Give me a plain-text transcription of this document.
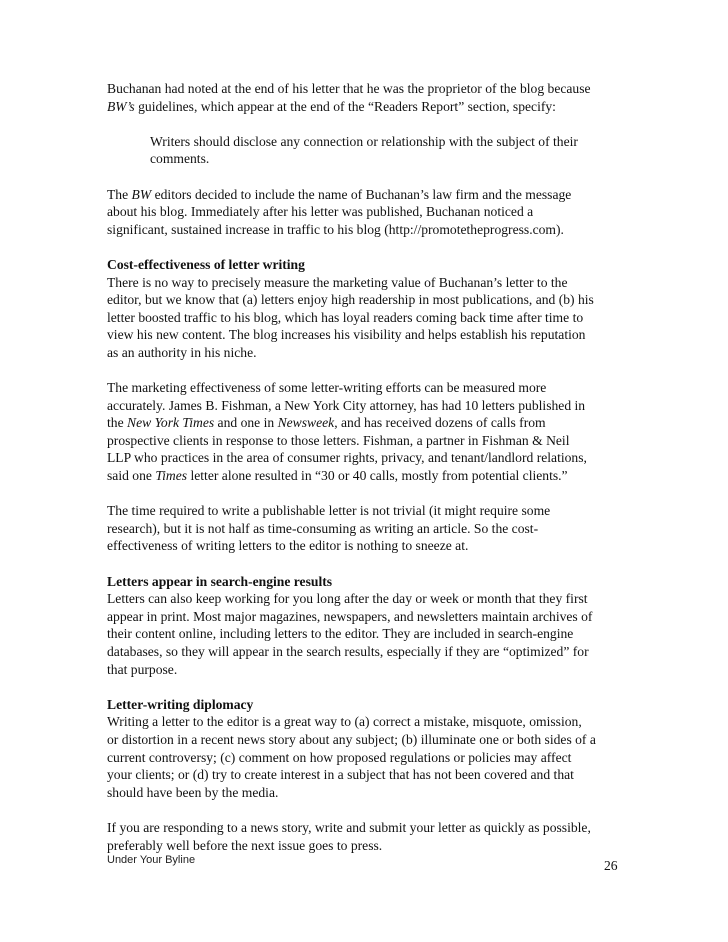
Buchanan had noted at the end of his letter that he was the proprietor of the blog because
BW’s guidelines, which appear at the end of the “Readers Report” section, specify:

Writers should disclose any connection or relationship with the subject of their
comments.

The BW editors decided to include the name of Buchanan’s law firm and the message
about his blog. Immediately after his letter was published, Buchanan noticed a
significant, sustained increase in traffic to his blog (http://promotetheprogress.com).

Cost-effectiveness of letter writing
There is no way to precisely measure the marketing value of Buchanan’s letter to the
editor, but we know that (a) letters enjoy high readership in most publications, and (b) his
letter boosted traffic to his blog, which has loyal readers coming back time after time to
view his new content. The blog increases his visibility and helps establish his reputation
as an authority in his niche.

The marketing effectiveness of some letter-writing efforts can be measured more
accurately. James B. Fishman, a New York City attorney, has had 10 letters published in
the New York Times and one in Newsweek, and has received dozens of calls from
prospective clients in response to those letters. Fishman, a partner in Fishman & Neil
LLP who practices in the area of consumer rights, privacy, and tenant/landlord relations,
said one Times letter alone resulted in “30 or 40 calls, mostly from potential clients.”

The time required to write a publishable letter is not trivial (it might require some
research), but it is not half as time-consuming as writing an article. So the cost-
effectiveness of writing letters to the editor is nothing to sneeze at.

Letters appear in search-engine results
Letters can also keep working for you long after the day or week or month that they first
appear in print. Most major magazines, newspapers, and newsletters maintain archives of
their content online, including letters to the editor. They are included in search-engine
databases, so they will appear in the search results, especially if they are “optimized” for
that purpose.

Letter-writing diplomacy
Writing a letter to the editor is a great way to (a) correct a mistake, misquote, omission,
or distortion in a recent news story about any subject; (b) illuminate one or both sides of a
current controversy; (c) comment on how proposed regulations or policies may affect
your clients; or (d) try to create interest in a subject that has not been covered and that
should have been by the media.

If you are responding to a news story, write and submit your letter as quickly as possible,
preferably well before the next issue goes to press.

Under Your Byline	26
